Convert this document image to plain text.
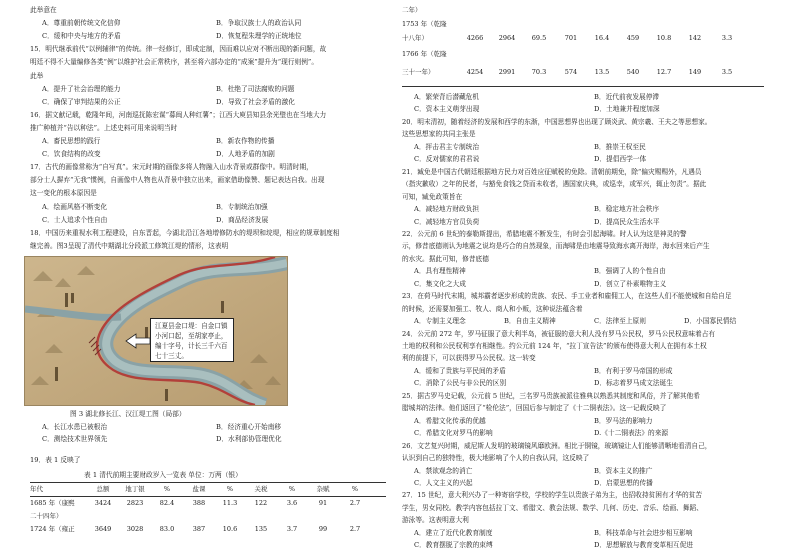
此举意在
A．尊重前朝传统文化信仰	B．争取汉族士人的政治认同
C．缓和中央与地方的矛盾	D．恢复程朱理学的正统地位
15．明代继承前代“以例辅律”的传统。律一经修订，即成定制，因而难以应对不断出现的新问题，故
明廷不得不大量编修各类“例”以维护社会正常秩序，甚至将六部办定的“成案”提升为“现行则例”。
此举
A．提升了社会治理的能力	B．杜绝了司法腐败的问题
C．确保了审判结果的公正	D．导致了社会矛盾的激化
16．据文献记载，乾隆年间，河南巡抚陈宏谋“募闽人种红薯”；江西大庾县知县余光璧也在当地大力
推广种植并“告以种法”。上述史料可用来说明当时
A．畜民思想的践行	B．新农作物的传播
C．饮食结构的改变	D．人地矛盾的加剧
17．古代的画像常称为“自写真”。宋元时期的画像多将人物融入山水背景或群像中。明清时期，
部分士人摒弃“无我”惯例，自画像中人物也从背景中独立出来，画家借助像赞、题记表达自我。出现
这一变化的根本原因是
A．绘画风格不断变化	B．专制统治加强
C．士人追求个性自由	D．商品经济发展
18．中国历来重视水利工程建设，自东晋起，今湖北沿江各地增修防水的堤坝和垸堤，相应的规章制度相
继完善。图3呈现了清代中期湖北分段派工修筑江堤的情形，这表明
江夏县金口堤：自金口镇小河口起，至胡家亭止，编十字号，计长三千六百七十三丈。
图 3 湖北修长江、汉江堤工图（局部）
A．长江水患已被根治	B．经济重心开始南移
C．测绘技术世界领先	D．水利部协管理优化
19．表 1 反映了
表 1 清代前期主要财政岁入一览表 单位：万两（银）
年代	总额	地丁银	%	盐课	%	关税	%	杂赋	%
1685 年（康熙	3424	2823	82.4	388	11.3	122	3.6	91	2.7
二十四年）
1724 年（雍正	3649	3028	83.0	387	10.6	135	3.7	99	2.7
二年）
1753 年（乾隆
十八年）	4266	2964	69.5	701	16.4	459	10.8	142	3.3
1766 年（乾隆
三十一年）	4254	2991	70.3	574	13.5	540	12.7	149	3.5
A．繁荣背后潜藏危机	B．近代前夜发展停滞
C．资本主义萌芽出现	D．土地兼并程度加深
20．明末清初，随着经济的发展和西学的东渐，中国思想界也出现了顾炎武、黄宗羲、王夫之等思想家。
这些思想家的共同主张是
A．抨击君主专制统治	B．推崇王权至民
C．反对儒家的君君说	D．提倡西学一体
21．臧免是中国古代朝廷根据地方民力对百姓应征赋税的免除。清朝前期免，除“偏灾赐赐外，凡遇员
（指灾歉收）之年的民者，与豁免食钱之贷而未收者，遇国家庆典，或巡幸，或军兴，辄止勿责”。据此
可知，臧免政策旨在
A．减轻地方财政负担	B．稳定地方社会秩序
C．减轻地方官员负荷	D．提高民众生活水平
22．公元前 6 世纪的泰勒斯提出，希腊地震不断发生，有时会引起海啸。时人认为这是神灵的警
示，修昔底德则认为地震之说均是巧合的自然现象，而海啸是由地震导致海水离开海岸，海水回来后产生
的水灾。据此可知，修昔底德
A．具有理性精神	B．强调了人的个性自由
C．集文化之大成	D．创立了朴素唯物主义
23．在荷马时代末期，城邦霸者逐步形成的贵族、农民、手工业者和雇佣工人，在这些人们不能使城和自给自足
的时候，还需要加强工、牧人、商人和小贩，这种说法蕴含着
A．专制主义理念	B．自由主义精神	C．法律至上原则	D．小国寡民情结
24．公元前 272 年，罗马征服了意大利半岛，被征服的意大利人没有罗马公民权，罗马公民权意味着占有
土地的权利和公民权利享有相继性。约公元前 124 年，“拉丁宣告法”的颁布使得意大利人在拥有本土权
利的前提下，可以获得罗马公民权。这一转变
A．缓和了贵族与平民间的矛盾	B．有利于罗马帝国的形成
C．消除了公民与非公民的区别	D．标志着罗马成文法诞生
25．据古罗马史记载，公元前 5 世纪，三名罗马贵族被派往雅典以熟悉其制度和风俗，并了解其他希
腊城邦的法律。他们返回了“检伦法”，回国后参与制定了《十二铜表法》。这一记载反映了
A．希腊文化传承的优越	B．罗马法的影响力
C．希腊文化对罗马的影响	D.《十二铜表法》的来源
26．文艺复兴时期，威尼斯人发明的玻璃镜风靡欧洲。相比于铜镜，玻璃镜让人们能够清晰地看清自己，
认识到自己的独特性，极大地影响了个人的自我认同，这反映了
A．禁欲观念的消亡	B．资本主义的推广
C．人文主义的兴起	D．启蒙思想的传播
27．15 世纪，意大利兴办了一种寄宿学校，学校的学生以贵族子弟为主，也招收持贫困有才华的贫苦
学生，男女同校。教学内容包括拉丁文、希腊文、教会法规、数学、几何、历史、音乐、绘画、舞蹈、
游泳等。这表明意大利
A．建立了近代化教育制度	B．科技革命与社会进步相互影响
C．教育摆脱了宗教的束缚	D．思想解放与教育变革相互促进
